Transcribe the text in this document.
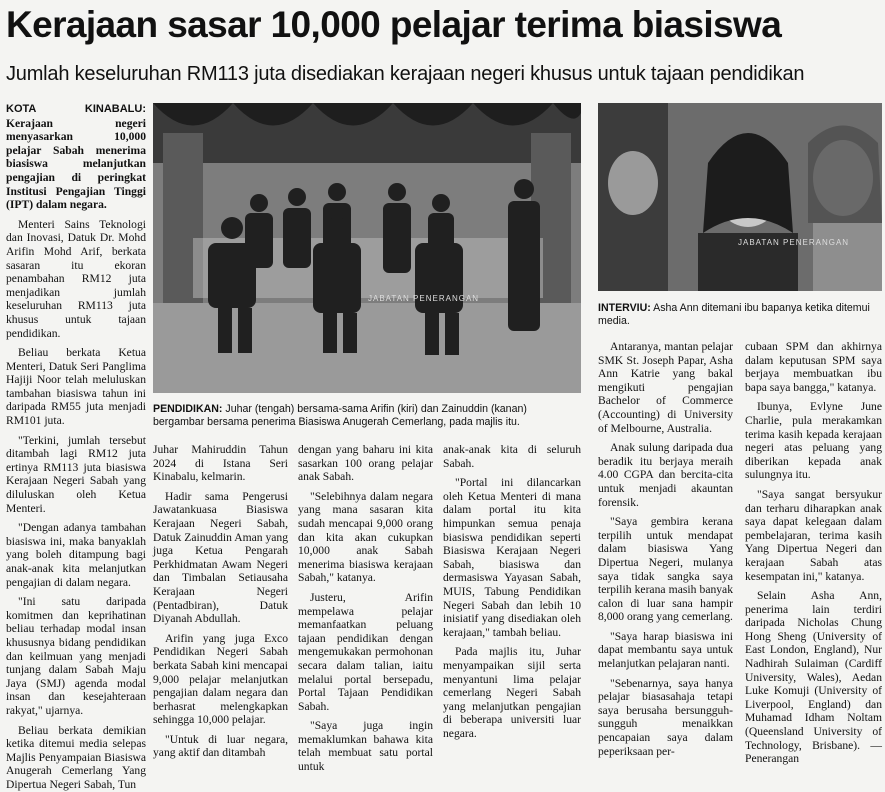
Kerajaan sasar 10,000 pelajar terima biasiswa
Jumlah keseluruhan RM113 juta disediakan kerajaan negeri khusus untuk tajaan pendidikan

KOTA KINABALU: Kerajaan negeri menyasarkan 10,000 pelajar Sabah menerima biasiswa melanjutkan pengajian di peringkat Institusi Pengajian Tinggi (IPT) dalam negara.

Menteri Sains Teknologi dan Inovasi, Datuk Dr. Mohd Arifin Mohd Arif, berkata sasaran itu ekoran penambahan RM12 juta menjadikan jumlah keseluruhan RM113 juta khusus untuk tajaan pendidikan.

Beliau berkata Ketua Menteri, Datuk Seri Panglima Hajiji Noor telah meluluskan tambahan biasiswa tahun ini daripada RM55 juta menjadi RM101 juta.

"Terkini, jumlah tersebut ditambah lagi RM12 juta ertinya RM113 juta biasiswa Kerajaan Negeri Sabah yang diluluskan oleh Ketua Menteri.

"Dengan adanya tambahan biasiswa ini, maka banyaklah yang boleh ditampung bagi anak-anak kita melanjutkan pengajian di dalam negara.

"Ini satu daripada komitmen dan keprihatinan beliau terhadap modal insan khususnya bidang pendidikan dan keilmuan yang menjadi tunjang dalam Sabah Maju Jaya (SMJ) agenda modal insan dan kesejahteraan rakyat," ujarnya.

Beliau berkata demikian ketika ditemui media selepas Majlis Penyampaian Biasiswa Anugerah Cemerlang Yang Dipertua Negeri Sabah, Tun

JABATAN PENERANGAN
PENDIDIKAN: Juhar (tengah) bersama-sama Arifin (kiri) dan Zainuddin (kanan) bergambar bersama penerima Biasiswa Anugerah Cemerlang, pada majlis itu.
JABATAN PENERANGAN
INTERVIU: Asha Ann ditemani ibu bapanya ketika ditemui media.

Juhar Mahiruddin Tahun 2024 di Istana Seri Kinabalu, kelmarin.

Hadir sama Pengerusi Jawatankuasa Biasiswa Kerajaan Negeri Sabah, Datuk Zainuddin Aman yang juga Ketua Pengarah Perkhidmatan Awam Negeri dan Timbalan Setiausaha Kerajaan Negeri (Pentadbiran), Datuk Diyanah Abdullah.

Arifin yang juga Exco Pendidikan Negeri Sabah berkata Sabah kini mencapai 9,000 pelajar melanjutkan pengajian dalam negara dan berhasrat melengkapkan sehingga 10,000 pelajar.

"Untuk di luar negara, yang aktif dan ditambah

dengan yang baharu ini kita sasarkan 100 orang pelajar anak Sabah.

"Selebihnya dalam negara yang mana sasaran kita sudah mencapai 9,000 orang dan kita akan cukupkan 10,000 anak Sabah menerima biasiswa kerajaan Sabah," katanya.

Justeru, Arifin mempelawa pelajar memanfaatkan peluang tajaan pendidikan dengan mengemukakan permohonan secara dalam talian, iaitu melalui portal bersepadu, Portal Tajaan Pendidikan Sabah.

"Saya juga ingin memaklumkan bahawa kita telah membuat satu portal untuk

anak-anak kita di seluruh Sabah.

"Portal ini dilancarkan oleh Ketua Menteri di mana dalam portal itu kita himpunkan semua penaja biasiswa pendidikan seperti Biasiswa Kerajaan Negeri Sabah, biasiswa dan dermasiswa Yayasan Sabah, MUIS, Tabung Pendidikan Negeri Sabah dan lebih 10 inisiatif yang disediakan oleh kerajaan," tambah beliau.

Pada majlis itu, Juhar menyampaikan sijil serta menyantuni lima pelajar cemerlang Negeri Sabah yang melanjutkan pengajian di beberapa universiti luar negara.

Antaranya, mantan pelajar SMK St. Joseph Papar, Asha Ann Katrie yang bakal mengikuti pengajian Bachelor of Commerce (Accounting) di University of Melbourne, Australia.

Anak sulung daripada dua beradik itu berjaya meraih 4.00 CGPA dan bercita-cita untuk menjadi akauntan forensik.

"Saya gembira kerana terpilih untuk mendapat dalam biasiswa Yang Dipertua Negeri, mulanya saya tidak sangka saya terpilih kerana masih banyak calon di luar sana hampir 8,000 orang yang cemerlang.

"Saya harap biasiswa ini dapat membantu saya untuk melanjutkan pelajaran nanti.

"Sebenarnya, saya hanya pelajar biasasahaja tetapi saya berusaha bersungguh-sungguh menaikkan pencapaian saya dalam peperiksaan per-

cubaan SPM dan akhirnya dalam keputusan SPM saya berjaya membuatkan ibu bapa saya bangga," katanya.

Ibunya, Evlyne June Charlie, pula merakamkan terima kasih kepada kerajaan negeri atas peluang yang diberikan kepada anak sulungnya itu.

"Saya sangat bersyukur dan terharu diharapkan anak saya dapat kelegaan dalam pembelajaran, terima kasih Yang Dipertua Negeri dan kerajaan Sabah atas kesempatan ini," katanya.

Selain Asha Ann, penerima lain terdiri daripada Nicholas Chung Hong Sheng (University of East London, England), Nur Nadhirah Sulaiman (Cardiff University, Wales), Aedan Luke Komuji (University of Liverpool, England) dan Muhamad Idham Noltam (Queensland University of Technology, Brisbane). — Penerangan
